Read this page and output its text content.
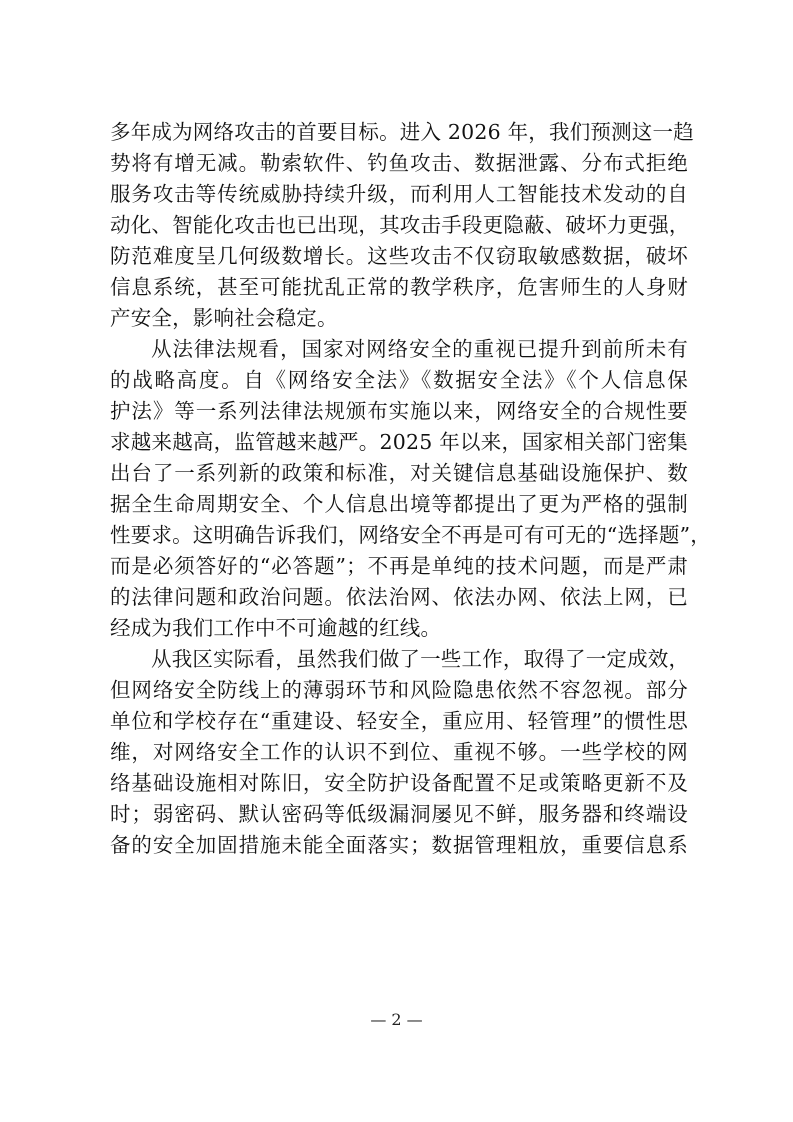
多年成为网络攻击的首要目标。进入 2026 年，我们预测这一趋
势将有增无减。勒索软件、钓鱼攻击、数据泄露、分布式拒绝
服务攻击等传统威胁持续升级，而利用人工智能技术发动的自
动化、智能化攻击也已出现，其攻击手段更隐蔽、破坏力更强，
防范难度呈几何级数增长。这些攻击不仅窃取敏感数据，破坏
信息系统，甚至可能扰乱正常的教学秩序，危害师生的人身财
产安全，影响社会稳定。
从法律法规看，国家对网络安全的重视已提升到前所未有
的战略高度。自《网络安全法》《数据安全法》《个人信息保
护法》等一系列法律法规颁布实施以来，网络安全的合规性要
求越来越高，监管越来越严。2025 年以来，国家相关部门密集
出台了一系列新的政策和标准，对关键信息基础设施保护、数
据全生命周期安全、个人信息出境等都提出了更为严格的强制
性要求。这明确告诉我们，网络安全不再是可有可无的“选择题”，
而是必须答好的“必答题”；不再是单纯的技术问题，而是严肃
的法律问题和政治问题。依法治网、依法办网、依法上网，已
经成为我们工作中不可逾越的红线。
从我区实际看，虽然我们做了一些工作，取得了一定成效，
但网络安全防线上的薄弱环节和风险隐患依然不容忽视。部分
单位和学校存在“重建设、轻安全，重应用、轻管理”的惯性思
维，对网络安全工作的认识不到位、重视不够。一些学校的网
络基础设施相对陈旧，安全防护设备配置不足或策略更新不及
时；弱密码、默认密码等低级漏洞屡见不鲜，服务器和终端设
备的安全加固措施未能全面落实；数据管理粗放，重要信息系
— 2 —
